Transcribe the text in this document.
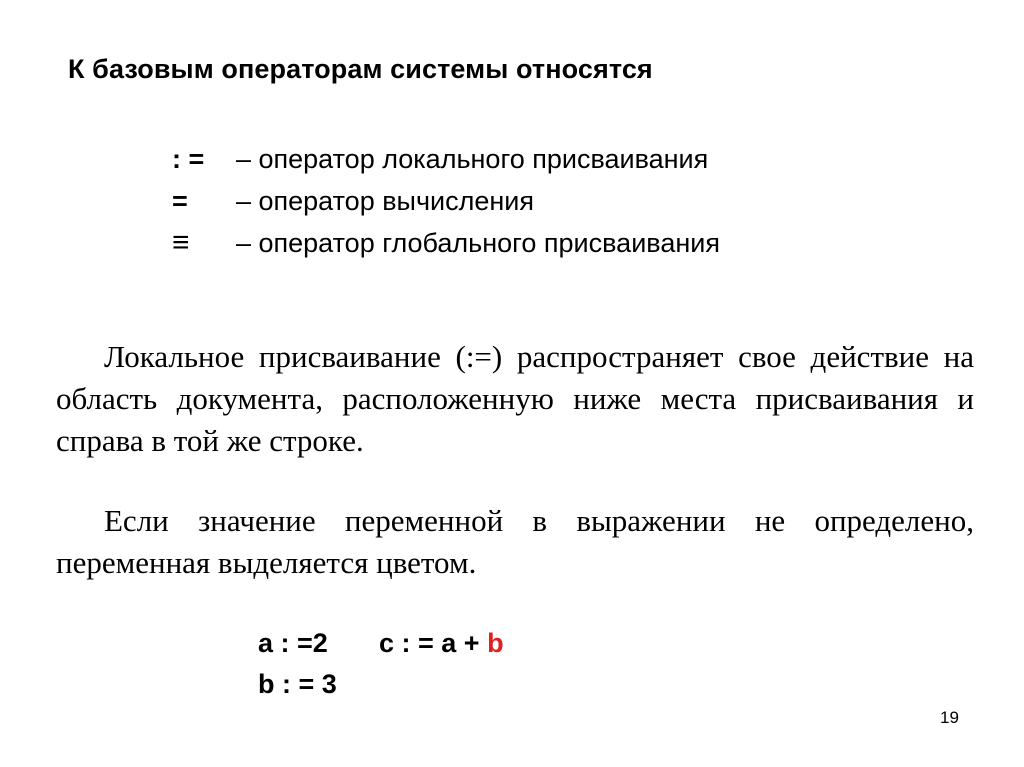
К базовым операторам системы относятся
: = – оператор локального присваивания
= – оператор вычисления
≡ – оператор глобального присваивания

Локальное присваивание (:=) распространяет свое действие на область документа, расположенную ниже места присваивания и справа в той же строке.

Если значение переменной в выражении не определено, переменная выделяется цветом.

a : =2
b : = 3
c : = a + b
19
